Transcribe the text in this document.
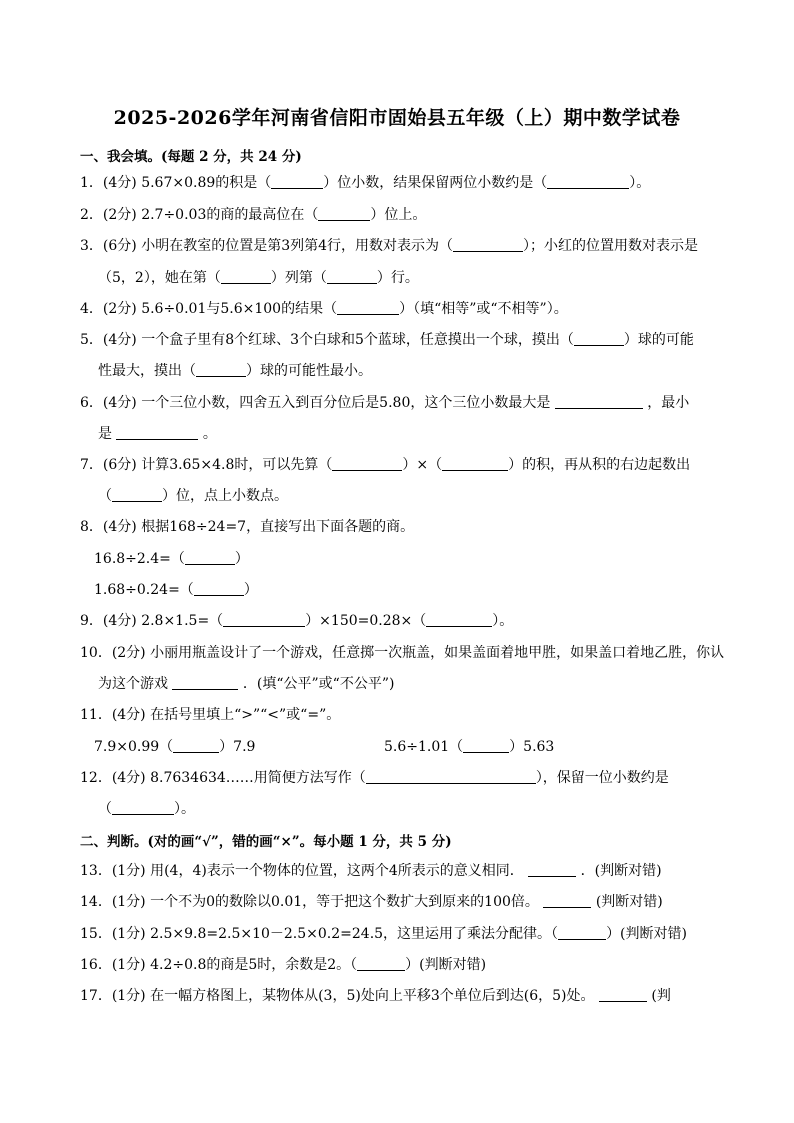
2025-2026学年河南省信阳市固始县五年级（上）期中数学试卷
一、我会填。(每题 2 分，共 24 分)
1．(4分) 5.67×0.89的积是（	）位小数，结果保留两位小数约是（	）。
2．(2分) 2.7÷0.03的商的最高位在（	）位上。
3．(6分) 小明在教室的位置是第3列第4行，用数对表示为（	）；小红的位置用数对表示是
（5，2），她在第（	）列第（	）行。
4．(2分) 5.6÷0.01与5.6×100的结果（	）（填“相等”或“不相等”）。
5．(4分) 一个盒子里有8个红球、3个白球和5个蓝球，任意摸出一个球，摸出（	）球的可能
性最大，摸出（	）球的可能性最小。
6．(4分) 一个三位小数，四舍五入到百分位后是5.80，这个三位小数最大是	，最小
是	。
7．(6分) 计算3.65×4.8时，可以先算（	）×（	）的积，再从积的右边起数出
（	）位，点上小数点。
8．(4分) 根据168÷24=7，直接写出下面各题的商。
16.8÷2.4=（	）
1.68÷0.24=（	）
9．(4分) 2.8×1.5=（	）×150=0.28×（	）。
10．(2分) 小丽用瓶盖设计了一个游戏，任意掷一次瓶盖，如果盖面着地甲胜，如果盖口着地乙胜，你认
为这个游戏	．(填“公平”或“不公平”)
11．(4分) 在括号里填上“>”“<”或“=”。
7.9×0.99（	）7.9	5.6÷1.01（	）5.63
12．(4分) 8.7634634……用简便方法写作（	），保留一位小数约是
（	）。
二、判断。(对的画“√”，错的画“×”。每小题 1 分，共 5 分)
13．(1分) 用(4，4)表示一个物体的位置，这两个4所表示的意义相同．	．(判断对错)
14．(1分) 一个不为0的数除以0.01，等于把这个数扩大到原来的100倍。	(判断对错)
15．(1分) 2.5×9.8=2.5×10－2.5×0.2=24.5，这里运用了乘法分配律。（	）(判断对错)
16．(1分) 4.2÷0.8的商是5时，余数是2。（	）(判断对错)
17．(1分) 在一幅方格图上，某物体从(3，5)处向上平移3个单位后到达(6，5)处。	(判
